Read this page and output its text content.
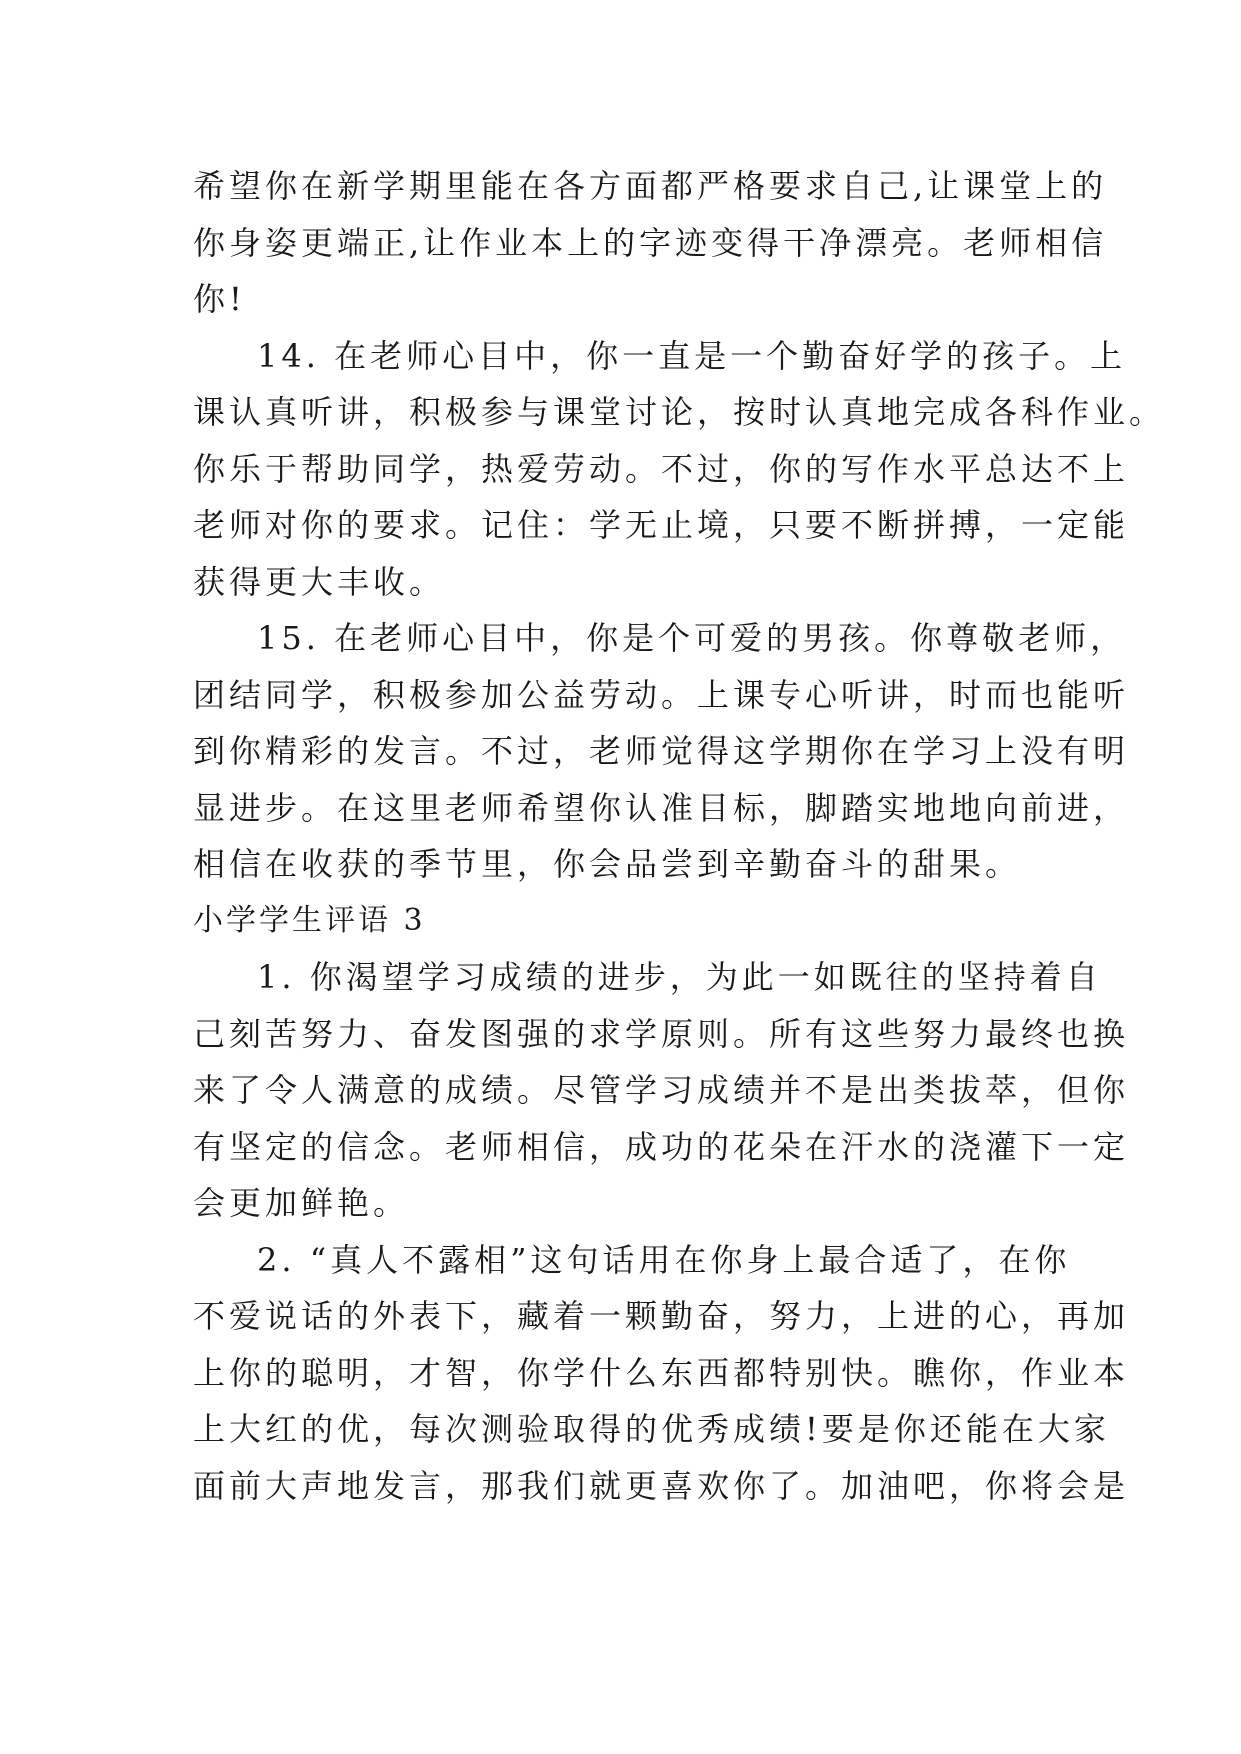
希望你在新学期里能在各方面都严格要求自己,让课堂上的
你身姿更端正,让作业本上的字迹变得干净漂亮。老师相信
你!
14. 在老师心目中，你一直是一个勤奋好学的孩子。上
课认真听讲，积极参与课堂讨论，按时认真地完成各科作业。
你乐于帮助同学，热爱劳动。不过，你的写作水平总达不上
老师对你的要求。记住：学无止境，只要不断拼搏，一定能
获得更大丰收。
15. 在老师心目中，你是个可爱的男孩。你尊敬老师，
团结同学，积极参加公益劳动。上课专心听讲，时而也能听
到你精彩的发言。不过，老师觉得这学期你在学习上没有明
显进步。在这里老师希望你认准目标，脚踏实地地向前进，
相信在收获的季节里，你会品尝到辛勤奋斗的甜果。
小学学生评语 3
1. 你渴望学习成绩的进步，为此一如既往的坚持着自
己刻苦努力、奋发图强的求学原则。所有这些努力最终也换
来了令人满意的成绩。尽管学习成绩并不是出类拔萃，但你
有坚定的信念。老师相信，成功的花朵在汗水的浇灌下一定
会更加鲜艳。
2. “真人不露相”这句话用在你身上最合适了，在你
不爱说话的外表下，藏着一颗勤奋，努力，上进的心，再加
上你的聪明，才智，你学什么东西都特别快。瞧你，作业本
上大红的优，每次测验取得的优秀成绩!要是你还能在大家
面前大声地发言，那我们就更喜欢你了。加油吧，你将会是
